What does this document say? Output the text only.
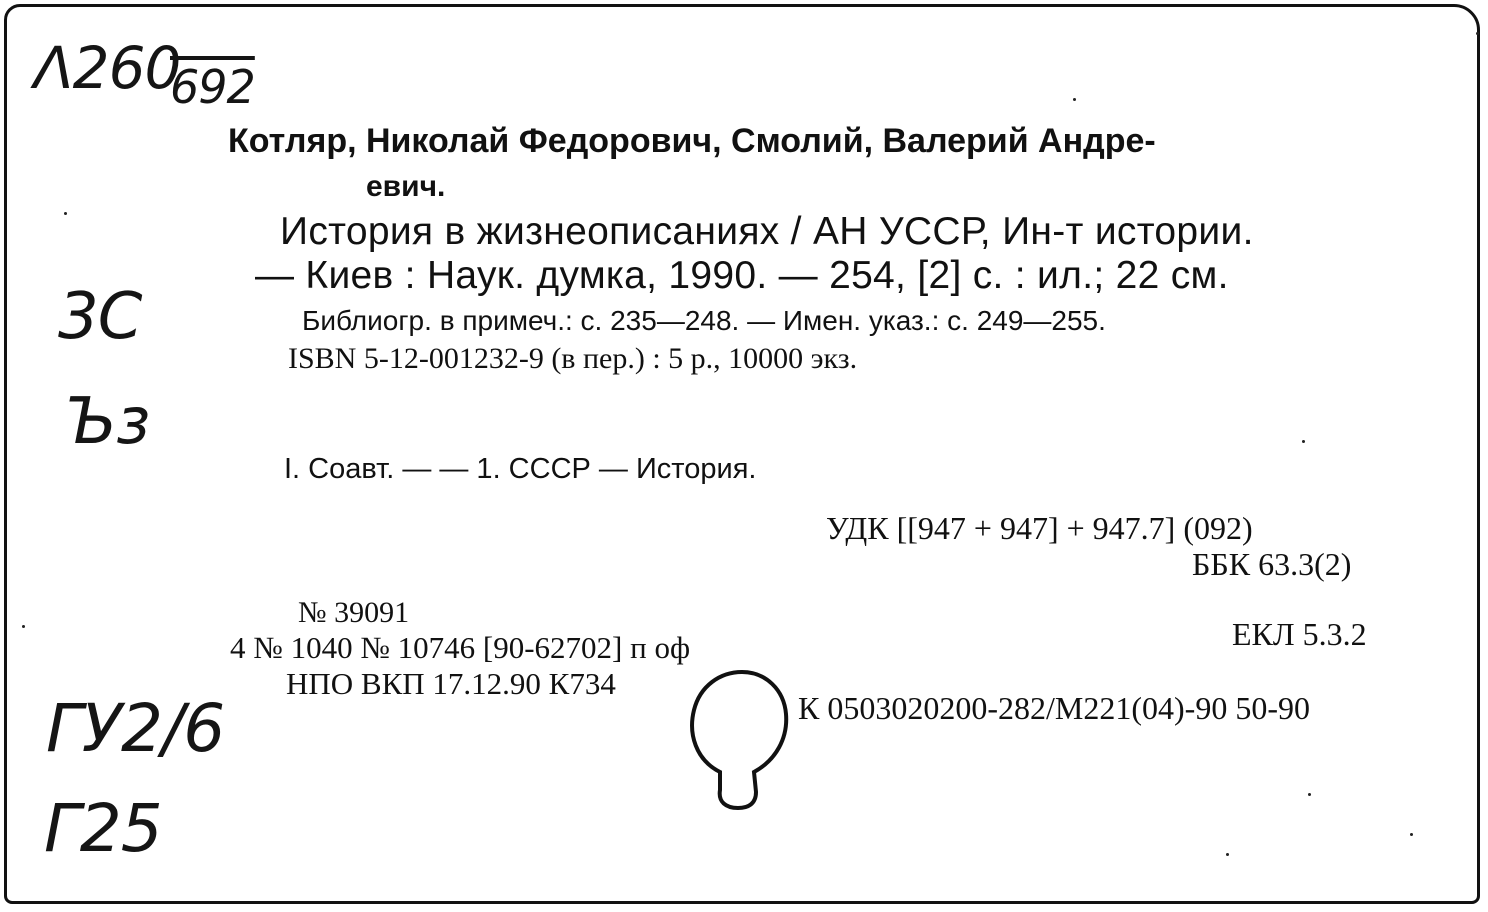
Λ260
692
3C
Ъз
ГУ2/6
Г25
Котляр, Николай Федорович, Смолий, Валерий Андре-
евич.
История в жизнеописаниях / АН УССР, Ин-т истории.
— Киев : Наук. думка, 1990. — 254, [2] с. : ил.; 22 см.
Библиогр. в примеч.: с. 235—248. — Имен. указ.: с. 249—255.
ISBN 5-12-001232-9 (в пер.) : 5 р., 10000 экз.
I. Соавт. — — 1. СССР — История.
УДК [[947 + 947] + 947.7] (092)
ББК 63.3(2)
ЕКЛ 5.3.2
К 0503020200-282/М221(04)-90 50-90
№ 39091
4 № 1040 № 10746 [90-62702] п оф
НПО ВКП 17.12.90 К734
